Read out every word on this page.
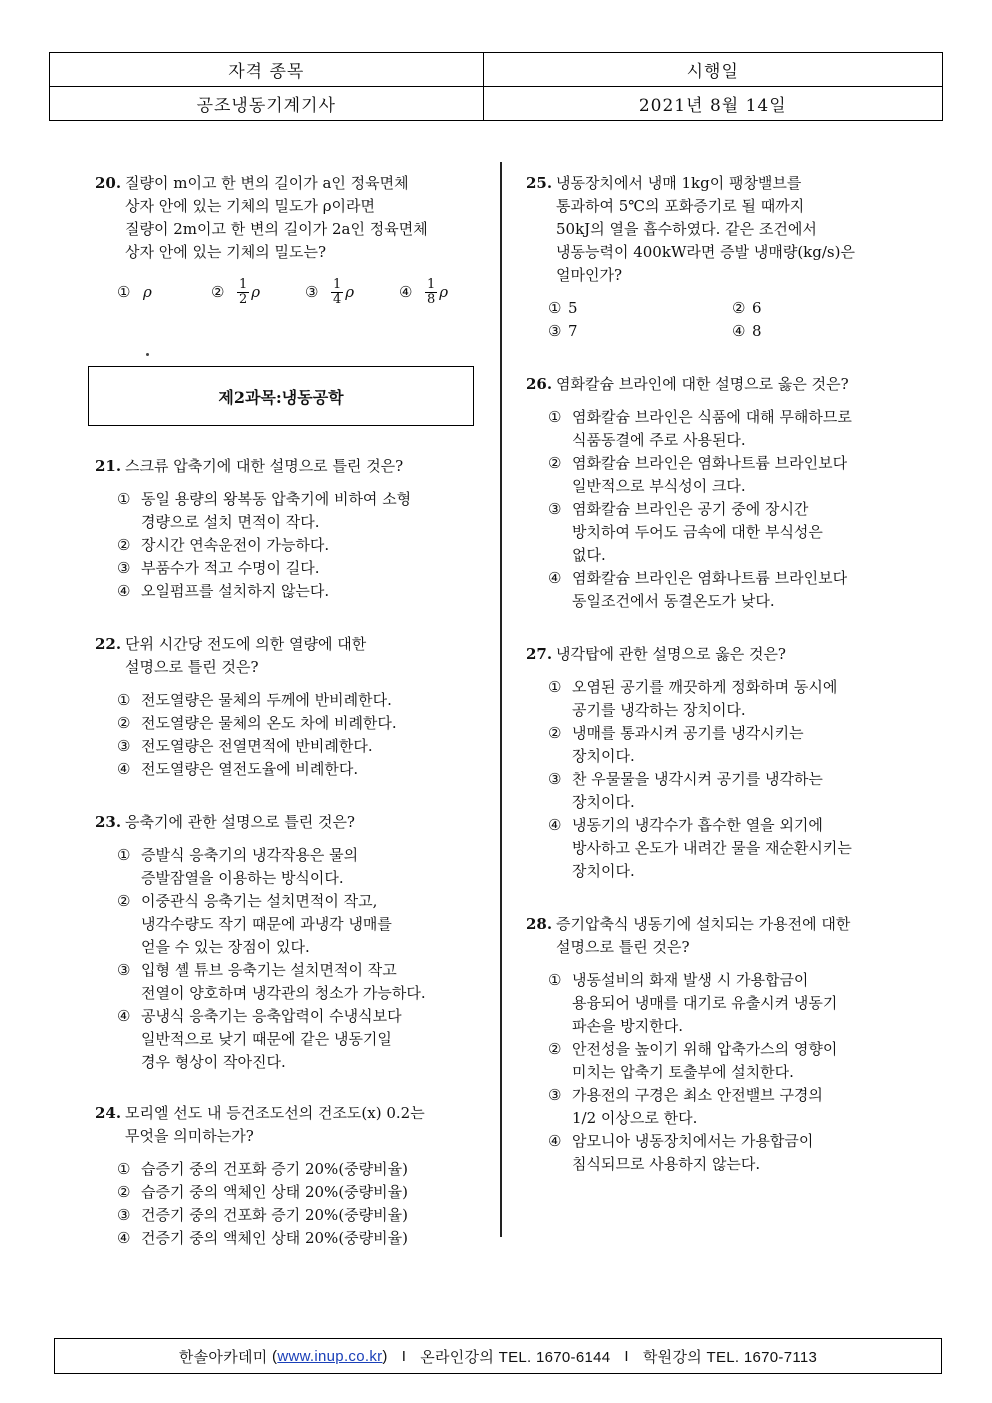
자격 종목	시행일
공조냉동기계기사	2021년 8월 14일
20. 질량이 m이고 한 변의 길이가 a인 정육면체
상자 안에 있는 기체의 밀도가 ρ이라면
질량이 2m이고 한 변의 길이가 2a인 정육면체
상자 안에 있는 기체의 밀도는?
① ρ	② $\frac{1}{2}$ ρ	③ $\frac{1}{4}$ ρ	④ $\frac{1}{8}$ ρ
21. 스크류 압축기에 대한 설명으로 틀린 것은?
① 동일 용량의 왕복동 압축기에 비하여 소형
경량으로 설치 면적이 작다.
② 장시간 연속운전이 가능하다.
③ 부품수가 적고 수명이 길다.
④ 오일펌프를 설치하지 않는다.
22. 단위 시간당 전도에 의한 열량에 대한
설명으로 틀린 것은?
① 전도열량은 물체의 두께에 반비례한다.
② 전도열량은 물체의 온도 차에 비례한다.
③ 전도열량은 전열면적에 반비례한다.
④ 전도열량은 열전도율에 비례한다.
23. 응축기에 관한 설명으로 틀린 것은?
① 증발식 응축기의 냉각작용은 물의
증발잠열을 이용하는 방식이다.
② 이중관식 응축기는 설치면적이 작고,
냉각수량도 작기 때문에 과냉각 냉매를
얻을 수 있는 장점이 있다.
③ 입형 셸 튜브 응축기는 설치면적이 작고
전열이 양호하며 냉각관의 청소가 가능하다.
④ 공냉식 응축기는 응축압력이 수냉식보다
일반적으로 낮기 때문에 같은 냉동기일
경우 형상이 작아진다.
24. 모리엘 선도 내 등건조도선의 건조도(x) 0.2는
무엇을 의미하는가?
① 습증기 중의 건포화 증기 20%(중량비율)
② 습증기 중의 액체인 상태 20%(중량비율)
③ 건증기 중의 건포화 증기 20%(중량비율)
④ 건증기 중의 액체인 상태 20%(중량비율)
제2과목:냉동공학
25. 냉동장치에서 냉매 1kg이 팽창밸브를
통과하여 5℃의 포화증기로 될 때까지
50kJ의 열을 흡수하였다. 같은 조건에서
냉동능력이 400kW라면 증발 냉매량(kg/s)은
얼마인가?
① 5	② 6
③ 7	④ 8
26. 염화칼슘 브라인에 대한 설명으로 옳은 것은?
① 염화칼슘 브라인은 식품에 대해 무해하므로
식품동결에 주로 사용된다.
② 염화칼슘 브라인은 염화나트륨 브라인보다
일반적으로 부식성이 크다.
③ 염화칼슘 브라인은 공기 중에 장시간
방치하여 두어도 금속에 대한 부식성은
없다.
④ 염화칼슘 브라인은 염화나트륨 브라인보다
동일조건에서 동결온도가 낮다.
27. 냉각탑에 관한 설명으로 옳은 것은?
① 오염된 공기를 깨끗하게 정화하며 동시에
공기를 냉각하는 장치이다.
② 냉매를 통과시켜 공기를 냉각시키는
장치이다.
③ 찬 우물물을 냉각시켜 공기를 냉각하는
장치이다.
④ 냉동기의 냉각수가 흡수한 열을 외기에
방사하고 온도가 내려간 물을 재순환시키는
장치이다.
28. 증기압축식 냉동기에 설치되는 가용전에 대한
설명으로 틀린 것은?
① 냉동설비의 화재 발생 시 가용합금이
용융되어 냉매를 대기로 유출시켜 냉동기
파손을 방지한다.
② 안전성을 높이기 위해 압축가스의 영향이
미치는 압축기 토출부에 설치한다.
③ 가용전의 구경은 최소 안전밸브 구경의
1/2 이상으로 한다.
④ 암모니아 냉동장치에서는 가용합금이
침식되므로 사용하지 않는다.
한솔아카데미 ( www.inup.co.kr ) I 온라인강의 TEL. 1670-6144 I 학원강의 TEL. 1670-7113
